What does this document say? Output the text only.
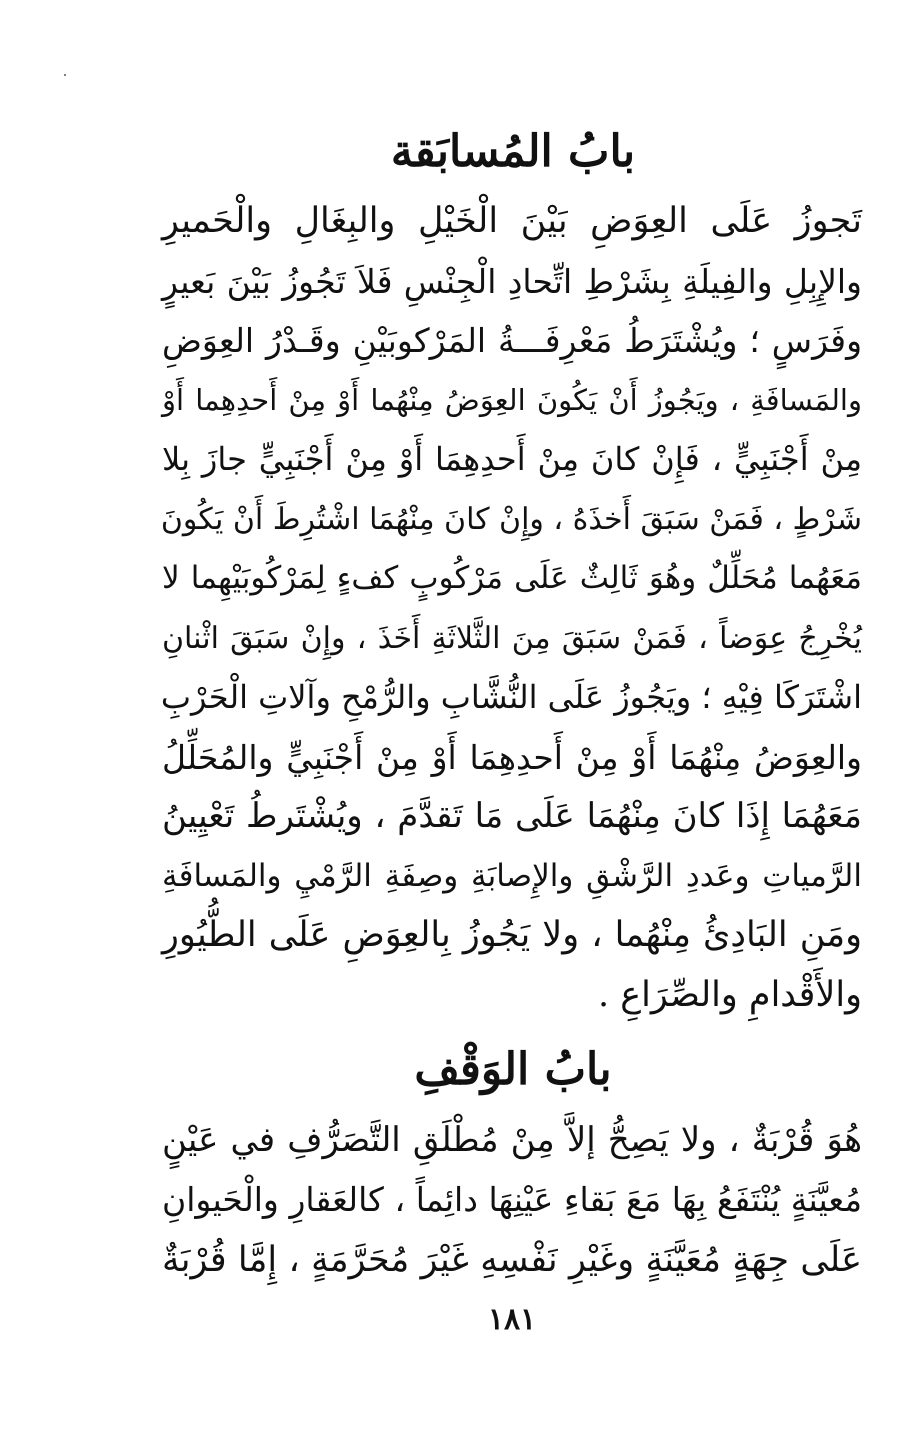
بابُ المُسابَقة
تَجوزُ عَلَى العِوَضِ بَيْنَ الْخَيْلِ والبِغَالِ والْحَميرِ
والإِبِلِ والفِيلَةِ بِشَرْطِ اتِّحادِ الْجِنْسِ فَلاَ تَجُوزُ بَيْنَ بَعيرٍ
وفَرَسٍ ؛ ويُشْتَرَطُ مَعْرِفَـــةُ المَرْكوبَيْنِ وقَـدْرُ العِوَضِ
والمَسافَةِ ، ويَجُوزُ أَنْ يَكُونَ العِوَضُ مِنْهُما أَوْ مِنْ أَحدِهِما أَوْ
مِنْ أَجْنَبِيٍّ ، فَإِنْ كانَ مِنْ أَحدِهِمَا أَوْ مِنْ أَجْنَبِيٍّ جازَ بِلا
شَرْطٍ ، فَمَنْ سَبَقَ أَخذَهُ ، وإِنْ كانَ مِنْهُمَا اشْتُرِطَ أَنْ يَكُونَ
مَعَهُما مُحَلِّلٌ وهُوَ ثَالِثٌ عَلَى مَرْكُوبٍ كفءٍ لِمَرْكُوبَيْهِما لا
يُخْرِجُ عِوَضاً ، فَمَنْ سَبَقَ مِنَ الثَّلاثَةِ أَخَذَ ، وإِنْ سَبَقَ اثْنانِ
اشْتَرَكَا فِيْهِ ؛ ويَجُوزُ عَلَى النُّشَّابِ والرُّمْحِ وآلاتِ الْحَرْبِ
والعِوَضُ مِنْهُمَا أَوْ مِنْ أَحدِهِمَا أَوْ مِنْ أَجْنَبِيٍّ والمُحَلِّلُ
مَعَهُمَا إِذَا كانَ مِنْهُمَا عَلَى مَا تَقدَّمَ ، ويُشْتَرطُ تَعْيِينُ
الرَّمياتِ وعَددِ الرَّشْقِ والإِصابَةِ وصِفَةِ الرَّمْيِ والمَسافَةِ
ومَنِ البَادِئُ مِنْهُما ، ولا يَجُوزُ بِالعِوَضِ عَلَى الطُّيُورِ
والأَقْدامِ والصِّرَاعِ .
بابُ الوَقْفِ
هُوَ قُرْبَةٌ ، ولا يَصِحُّ إلاَّ مِنْ مُطْلَقِ التَّصَرُّفِ في عَيْنٍ
مُعيَّنَةٍ يُنْتَفَعُ بِهَا مَعَ بَقاءِ عَيْنِهَا دائِماً ، كالعَقارِ والْحَيوانِ
عَلَى جِهَةٍ مُعَيَّنَةٍ وغَيْرِ نَفْسِهِ غَيْرَ مُحَرَّمَةٍ ، إِمَّا قُرْبَةٌ
١٨١
